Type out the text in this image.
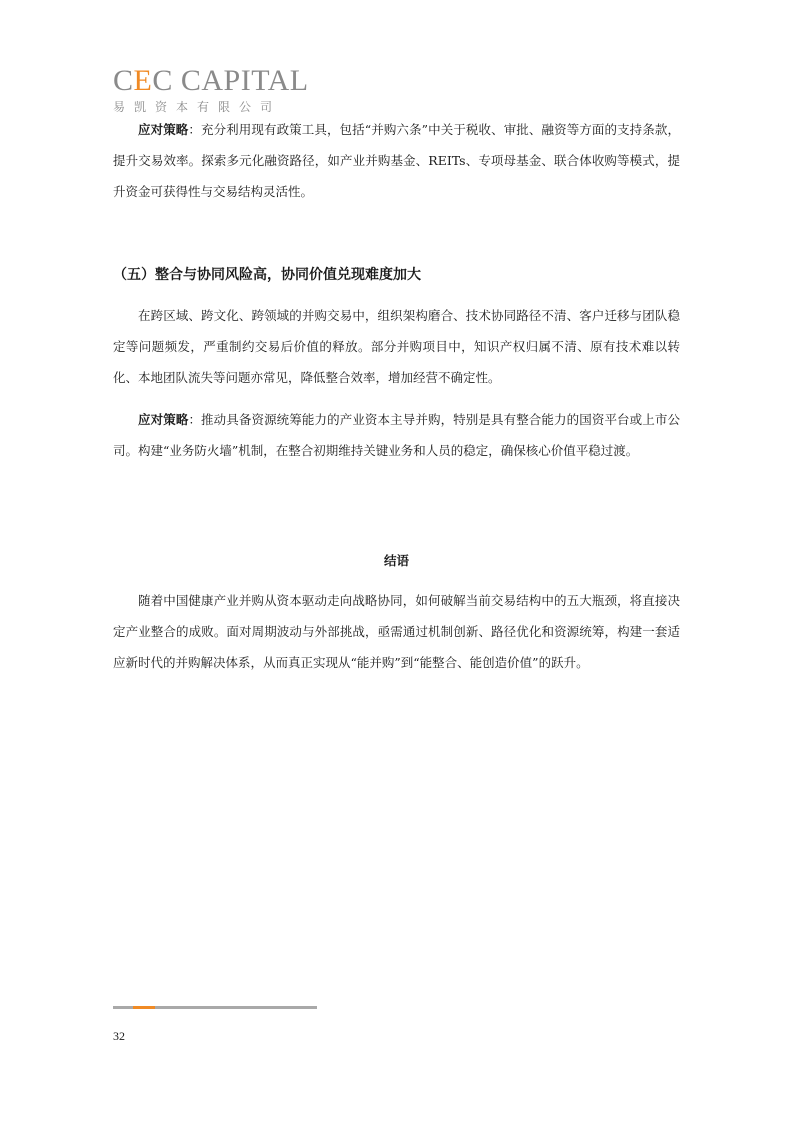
CEC CAPITAL
易凯资本有限公司

应对策略：充分利用现有政策工具，包括“并购六条”中关于税收、审批、融资等方面的支持条款，提升交易效率。探索多元化融资路径，如产业并购基金、REITs、专项母基金、联合体收购等模式，提升资金可获得性与交易结构灵活性。

（五）整合与协同风险高，协同价值兑现难度加大

在跨区域、跨文化、跨领域的并购交易中，组织架构磨合、技术协同路径不清、客户迁移与团队稳定等问题频发，严重制约交易后价值的释放。部分并购项目中，知识产权归属不清、原有技术难以转化、本地团队流失等问题亦常见，降低整合效率，增加经营不确定性。

应对策略：推动具备资源统筹能力的产业资本主导并购，特别是具有整合能力的国资平台或上市公司。构建“业务防火墙”机制，在整合初期维持关键业务和人员的稳定，确保核心价值平稳过渡。

结语

随着中国健康产业并购从资本驱动走向战略协同，如何破解当前交易结构中的五大瓶颈，将直接决定产业整合的成败。面对周期波动与外部挑战，亟需通过机制创新、路径优化和资源统筹，构建一套适应新时代的并购解决体系，从而真正实现从“能并购”到“能整合、能创造价值”的跃升。

32
